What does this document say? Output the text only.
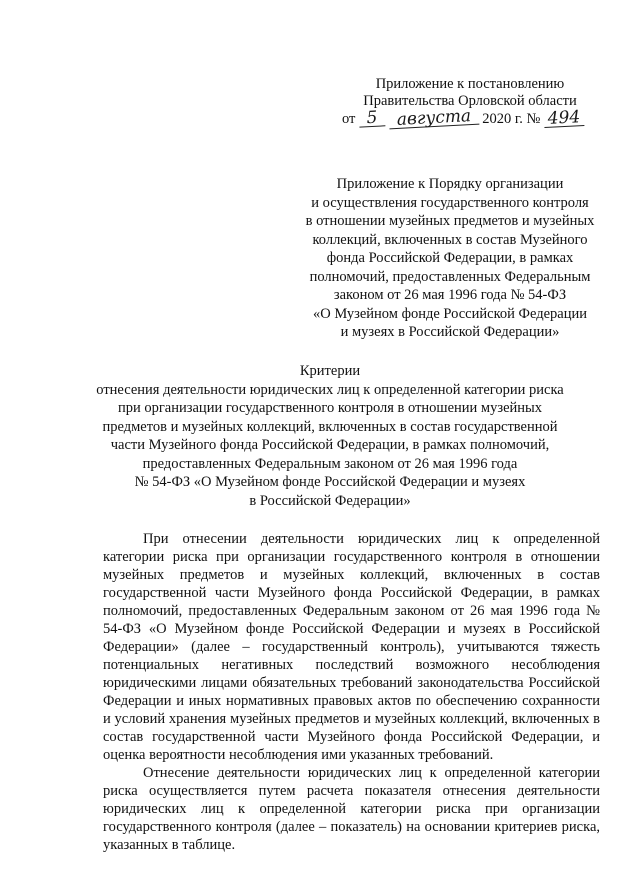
Приложение к постановлению
Правительства Орловской области
от 5 августа 2020 г. № 494
Приложение к Порядку организации
и осуществления государственного контроля
в отношении музейных предметов и музейных
коллекций, включенных в состав Музейного
фонда Российской Федерации, в рамках
полномочий, предоставленных Федеральным
законом от 26 мая 1996 года № 54-ФЗ
«О Музейном фонде Российской Федерации
и музеях в Российской Федерации»
Критерии
отнесения деятельности юридических лиц к определенной категории риска
при организации государственного контроля в отношении музейных
предметов и музейных коллекций, включенных в состав государственной
части Музейного фонда Российской Федерации, в рамках полномочий,
предоставленных Федеральным законом от 26 мая 1996 года
№ 54-ФЗ «О Музейном фонде Российской Федерации и музеях
в Российской Федерации»

При отнесении деятельности юридических лиц к определенной категории риска при организации государственного контроля в отношении музейных предметов и музейных коллекций, включенных в состав государственной части Музейного фонда Российской Федерации, в рамках полномочий, предоставленных Федеральным законом от 26 мая 1996 года № 54-ФЗ «О Музейном фонде Российской Федерации и музеях в Российской Федерации» (далее – государственный контроль), учитываются тяжесть потенциальных негативных последствий возможного несоблюдения юридическими лицами обязательных требований законодательства Российской Федерации и иных нормативных правовых актов по обеспечению сохранности и условий хранения музейных предметов и музейных коллекций, включенных в состав государственной части Музейного фонда Российской Федерации, и оценка вероятности несоблюдения ими указанных требований.

Отнесение деятельности юридических лиц к определенной категории риска осуществляется путем расчета показателя отнесения деятельности юридических лиц к определенной категории риска при организации государственного контроля (далее – показатель) на основании критериев риска, указанных в таблице.
